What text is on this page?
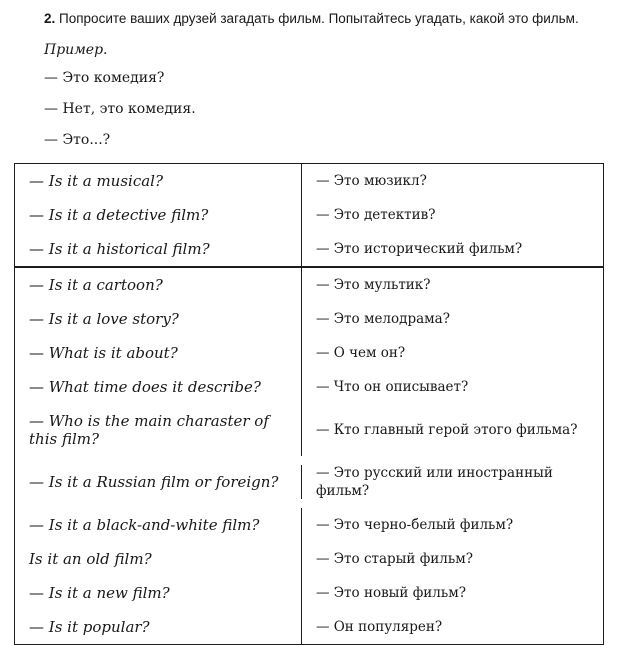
2. Попросите ваших друзей загадать фильм. Попытайтесь угадать, какой это фильм.

Пример.

— Это комедия?

— Нет, это комедия.

— Это...?

— Is it a musical?	— Это мюзикл?
— Is it a detective film?	— Это детектив?
— Is it a historical film?	— Это исторический фильм?
— Is it a cartoon?	— Это мультик?
— Is it a love story?	— Это мелодрама?
— What is it about?	— О чем он?
— What time does it describe?	— Что он описывает?
— Who is the main charaster of this film?	— Кто главный герой этого фильма?
— Is it a Russian film or foreign?	— Это русский или иностранный фильм?
— Is it a black-and-white film?	— Это черно-белый фильм?
Is it an old film?	— Это старый фильм?
— Is it a new film?	— Это новый фильм?
— Is it popular?	— Он популярен?
